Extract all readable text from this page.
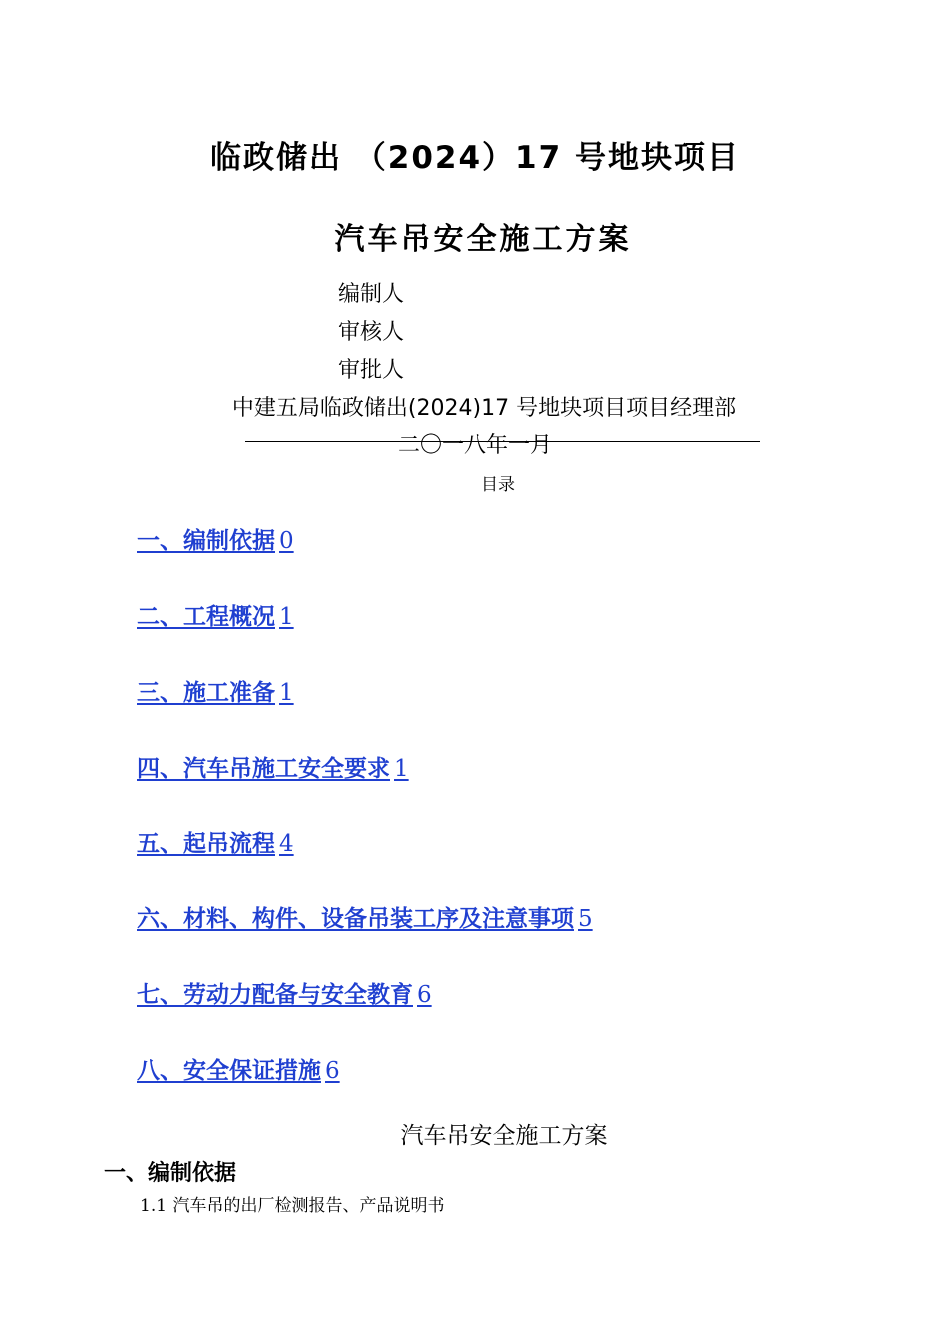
临政储出 （2024）17 号地块项目
汽车吊安全施工方案
编制人
审核人
审批人
中建五局临政储出(2024)17 号地块项目项目经理部
二〇一八年一月
目录
一、编制依据 0
二、工程概况 1
三、施工准备 1
四、汽车吊施工安全要求 1
五、起吊流程 4
六、材料、构件、设备吊装工序及注意事项 5
七、劳动力配备与安全教育 6
八、安全保证措施 6
汽车吊安全施工方案
一、编制依据
1.1 汽车吊的出厂检测报告、产品说明书
